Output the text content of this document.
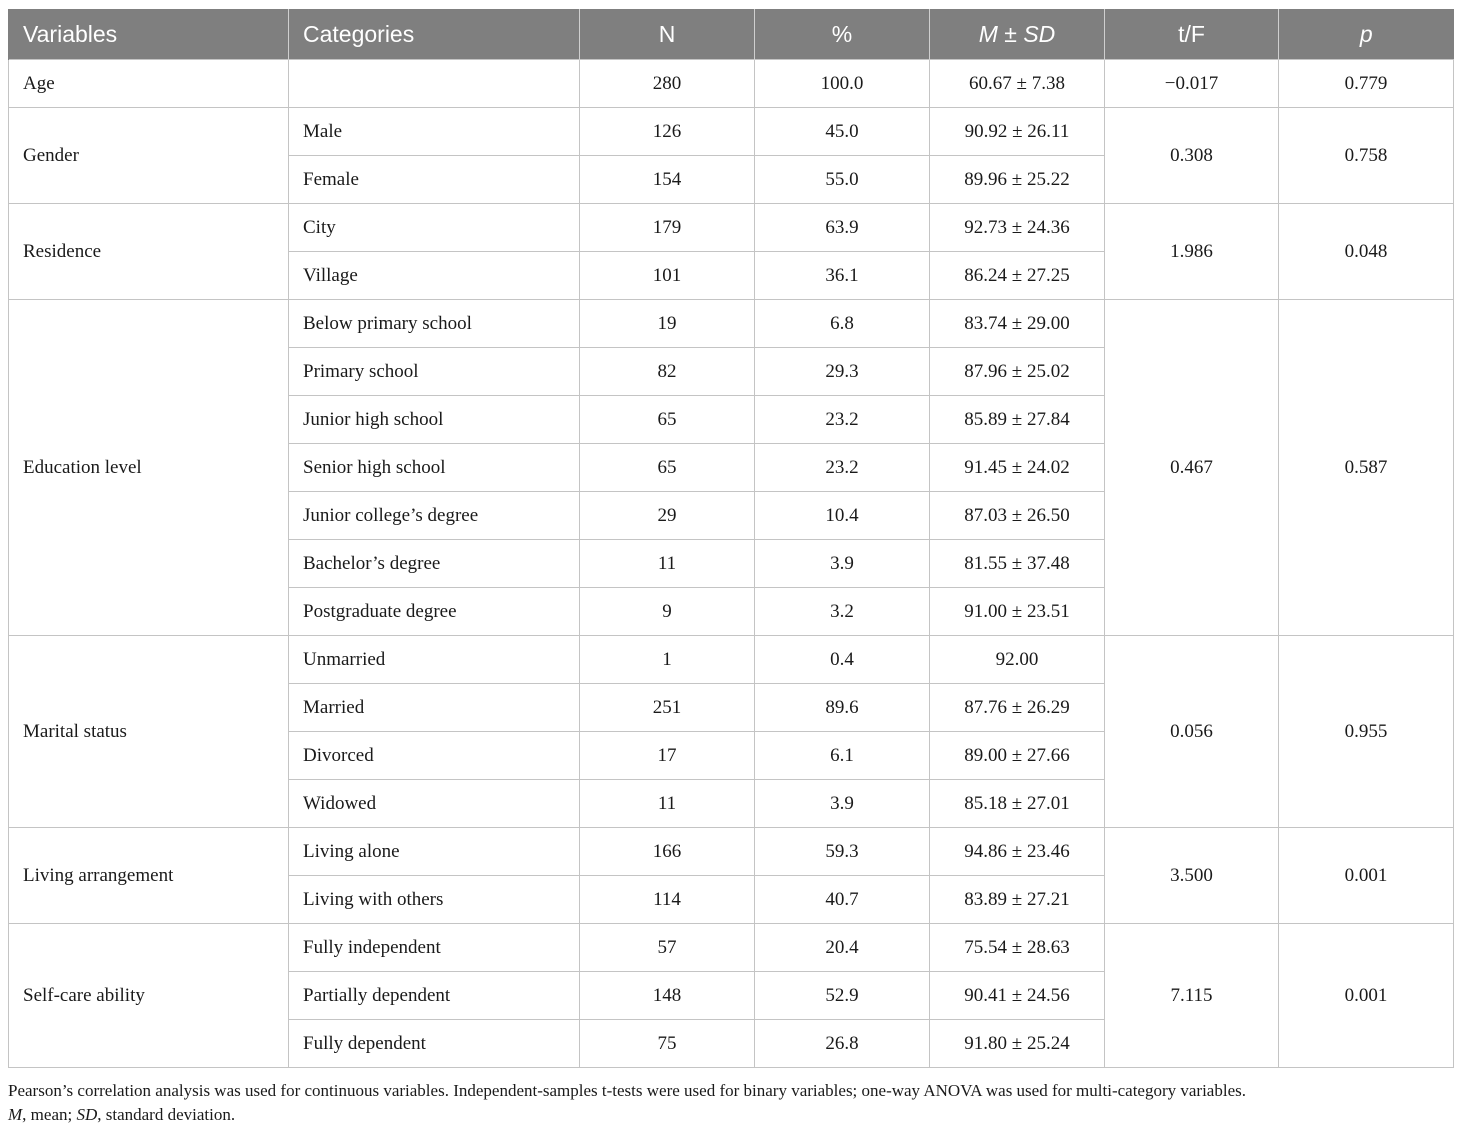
Variables	Categories	N	%	M ± SD	t/F	p
Age		280	100.0	60.67 ± 7.38	−0.017	0.779
Gender	Male	126	45.0	90.92 ± 26.11	0.308	0.758
	Female	154	55.0	89.96 ± 25.22		
Residence	City	179	63.9	92.73 ± 24.36	1.986	0.048
	Village	101	36.1	86.24 ± 27.25		
Education level	Below primary school	19	6.8	83.74 ± 29.00	0.467	0.587
	Primary school	82	29.3	87.96 ± 25.02		
	Junior high school	65	23.2	85.89 ± 27.84		
	Senior high school	65	23.2	91.45 ± 24.02		
	Junior college’s degree	29	10.4	87.03 ± 26.50		
	Bachelor’s degree	11	3.9	81.55 ± 37.48		
	Postgraduate degree	9	3.2	91.00 ± 23.51		
Marital status	Unmarried	1	0.4	92.00	0.056	0.955
	Married	251	89.6	87.76 ± 26.29		
	Divorced	17	6.1	89.00 ± 27.66		
	Widowed	11	3.9	85.18 ± 27.01		
Living arrangement	Living alone	166	59.3	94.86 ± 23.46	3.500	0.001
	Living with others	114	40.7	83.89 ± 27.21		
Self-care ability	Fully independent	57	20.4	75.54 ± 28.63	7.115	0.001
	Partially dependent	148	52.9	90.41 ± 24.56		
	Fully dependent	75	26.8	91.80 ± 25.24		

Pearson’s correlation analysis was used for continuous variables. Independent-samples t-tests were used for binary variables; one-way ANOVA was used for multi-category variables.

M, mean; SD, standard deviation.
